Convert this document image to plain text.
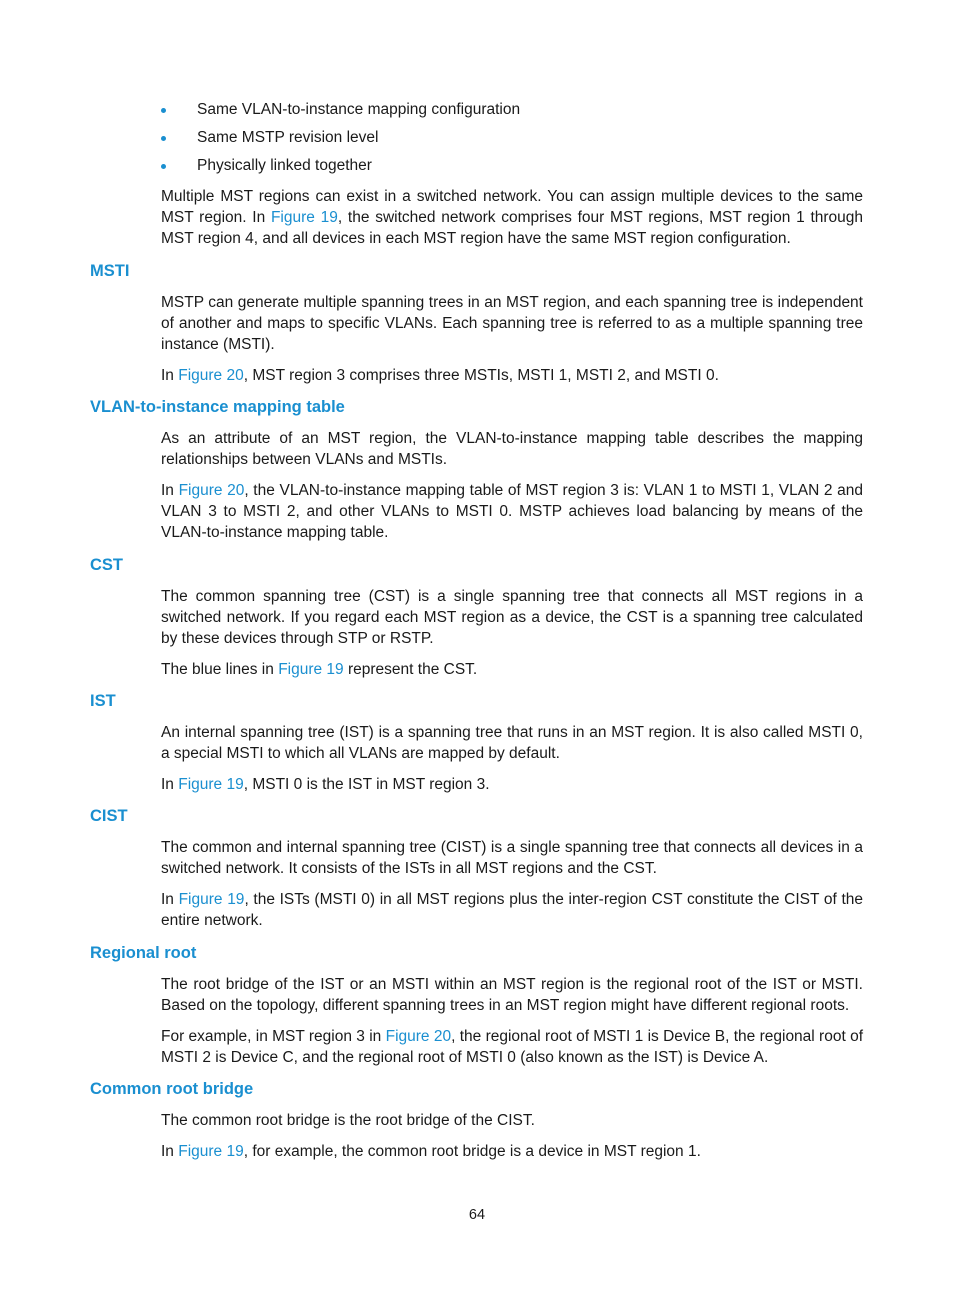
Same VLAN-to-instance mapping configuration
Same MSTP revision level
Physically linked together

Multiple MST regions can exist in a switched network. You can assign multiple devices to the same MST region. In Figure 19, the switched network comprises four MST regions, MST region 1 through MST region 4, and all devices in each MST region have the same MST region configuration.

MSTI

MSTP can generate multiple spanning trees in an MST region, and each spanning tree is independent of another and maps to specific VLANs. Each spanning tree is referred to as a multiple spanning tree instance (MSTI).

In Figure 20, MST region 3 comprises three MSTIs, MSTI 1, MSTI 2, and MSTI 0.

VLAN-to-instance mapping table

As an attribute of an MST region, the VLAN-to-instance mapping table describes the mapping relationships between VLANs and MSTIs.

In Figure 20, the VLAN-to-instance mapping table of MST region 3 is: VLAN 1 to MSTI 1, VLAN 2 and VLAN 3 to MSTI 2, and other VLANs to MSTI 0. MSTP achieves load balancing by means of the VLAN-to-instance mapping table.

CST

The common spanning tree (CST) is a single spanning tree that connects all MST regions in a switched network. If you regard each MST region as a device, the CST is a spanning tree calculated by these devices through STP or RSTP.

The blue lines in Figure 19 represent the CST.

IST

An internal spanning tree (IST) is a spanning tree that runs in an MST region. It is also called MSTI 0, a special MSTI to which all VLANs are mapped by default.

In Figure 19, MSTI 0 is the IST in MST region 3.

CIST

The common and internal spanning tree (CIST) is a single spanning tree that connects all devices in a switched network. It consists of the ISTs in all MST regions and the CST.

In Figure 19, the ISTs (MSTI 0) in all MST regions plus the inter-region CST constitute the CIST of the entire network.

Regional root

The root bridge of the IST or an MSTI within an MST region is the regional root of the IST or MSTI. Based on the topology, different spanning trees in an MST region might have different regional roots.

For example, in MST region 3 in Figure 20, the regional root of MSTI 1 is Device B, the regional root of MSTI 2 is Device C, and the regional root of MSTI 0 (also known as the IST) is Device A.

Common root bridge

The common root bridge is the root bridge of the CIST.

In Figure 19, for example, the common root bridge is a device in MST region 1.

64
